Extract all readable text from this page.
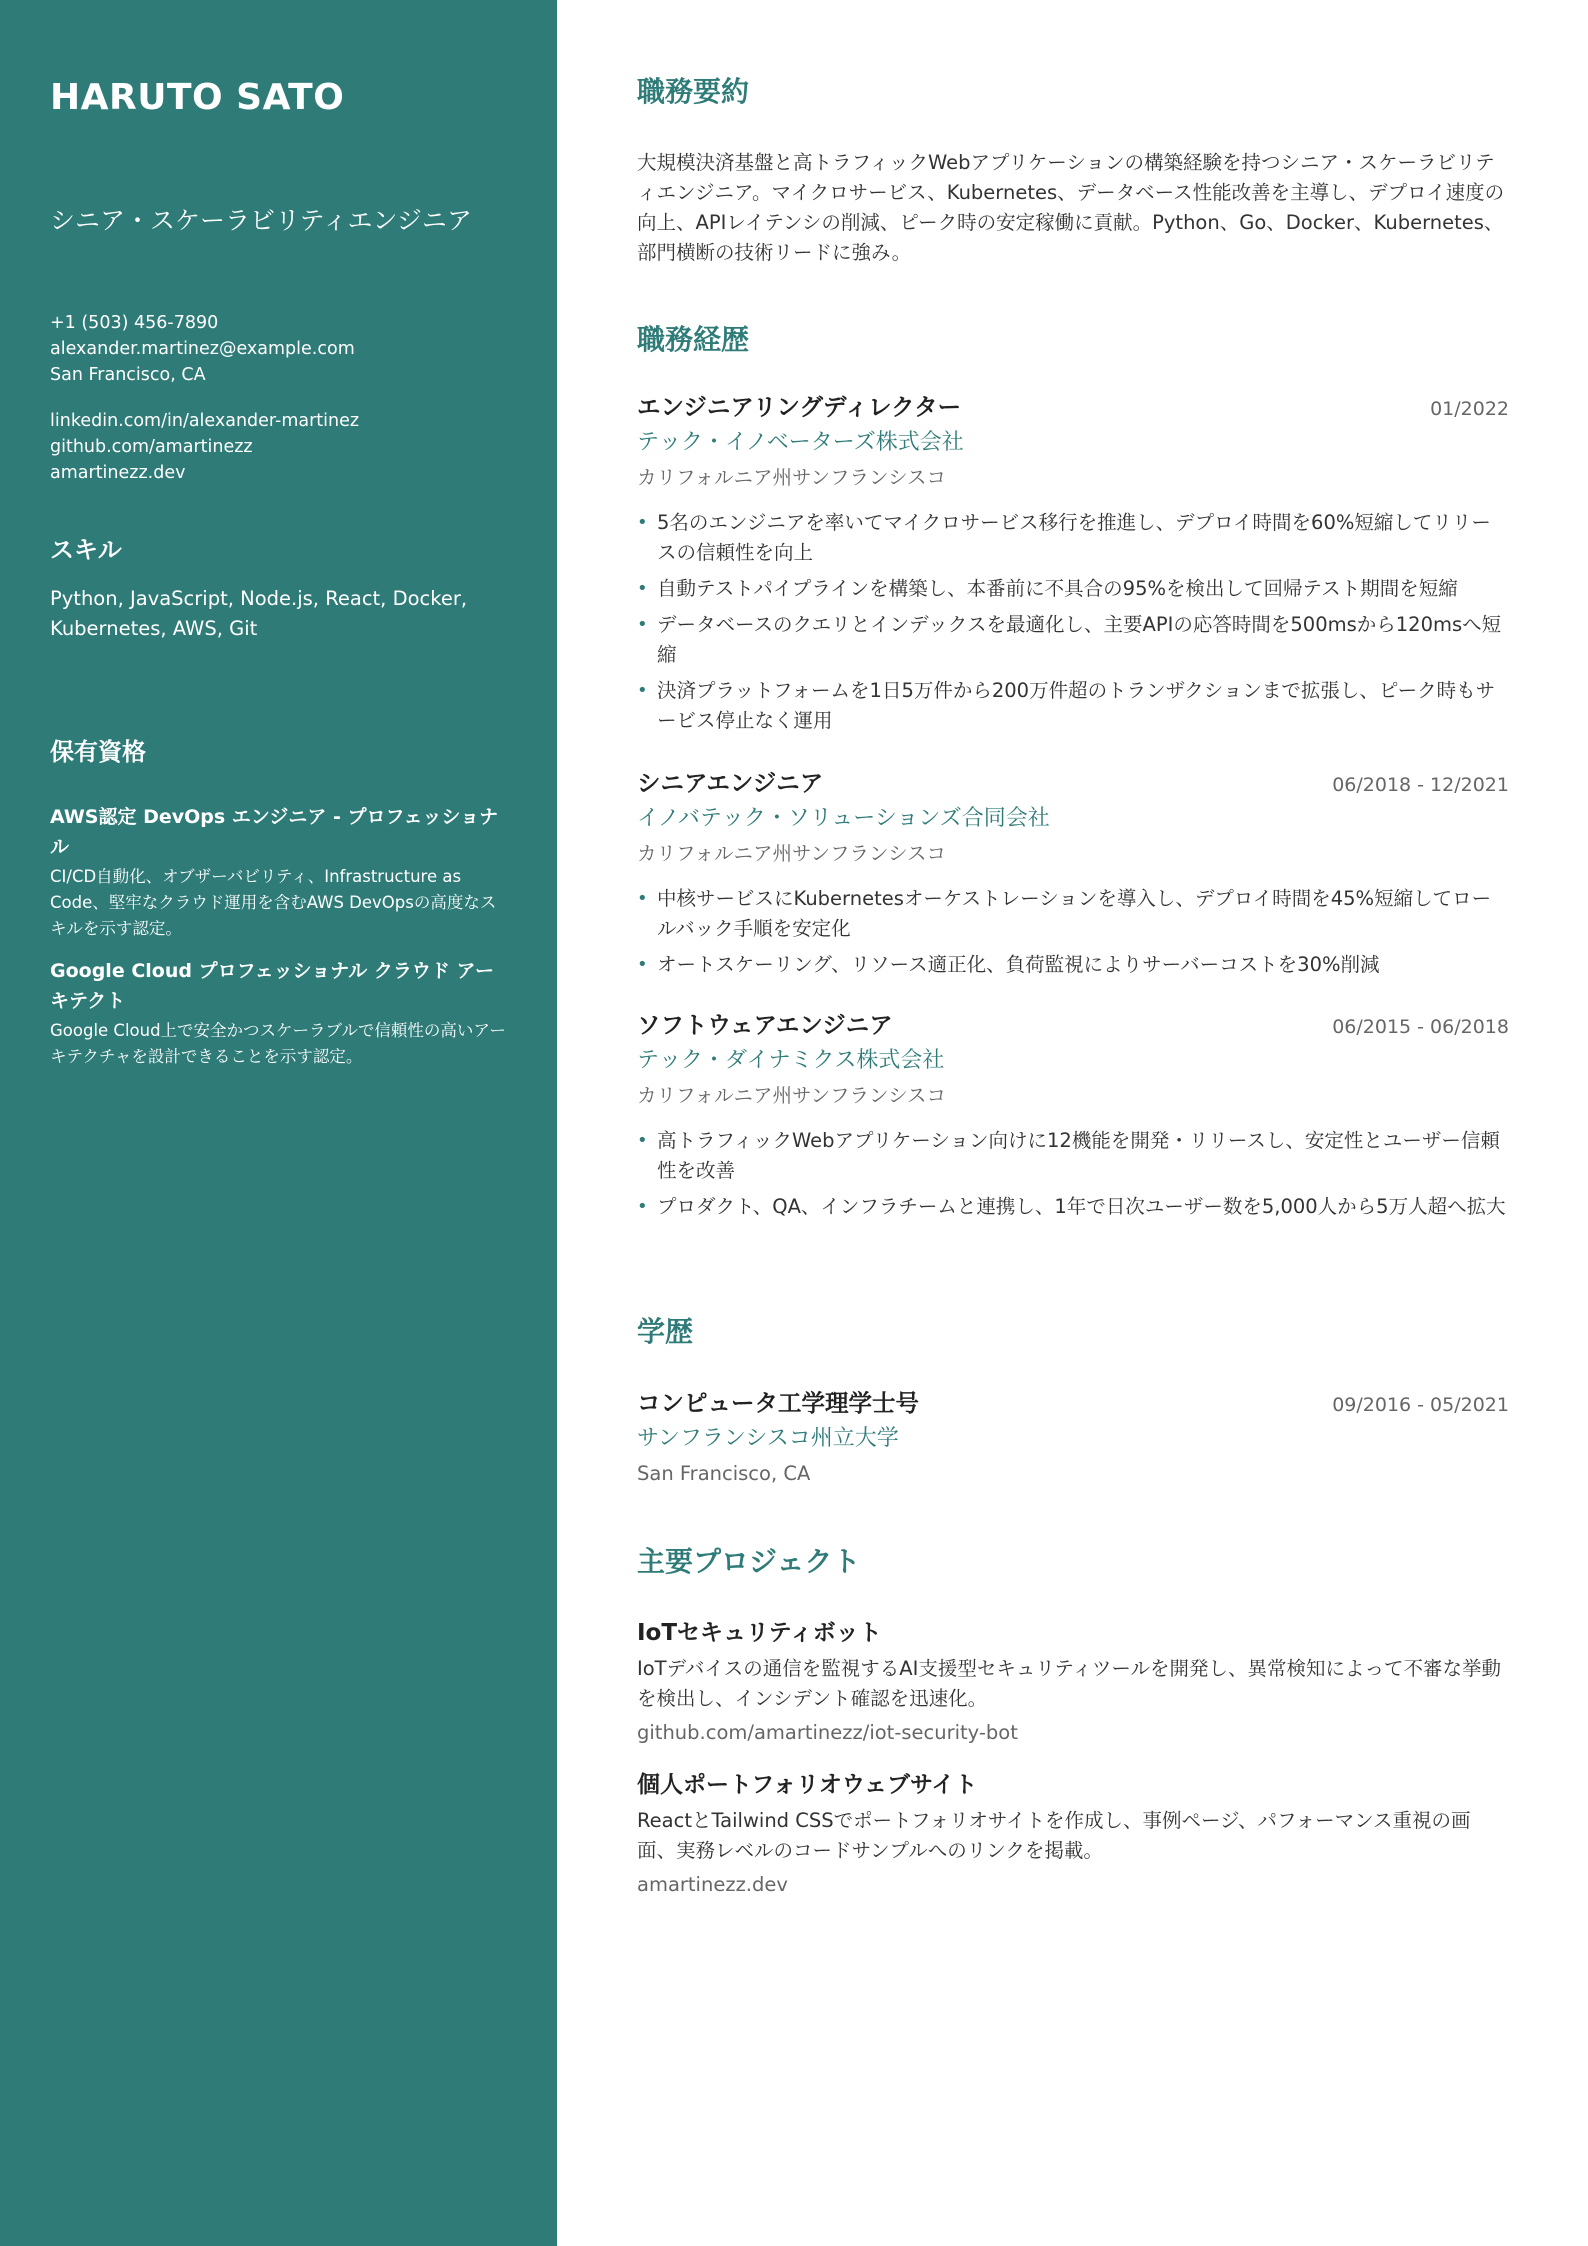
HARUTO SATO
シニア・スケーラビリティエンジニア
+1 (503) 456-7890
alexander.martinez@example.com
San Francisco, CA
linkedin.com/in/alexander-martinez
github.com/amartinezz
amartinezz.dev
スキル
Python, JavaScript, Node.js, React, Docker, Kubernetes, AWS, Git
保有資格
AWS認定 DevOps エンジニア - プロフェッショナル
CI/CD自動化、オブザーバビリティ、Infrastructure as Code、堅牢なクラウド運用を含むAWS DevOpsの高度なスキルを示す認定。
Google Cloud プロフェッショナル クラウド アーキテクト
Google Cloud上で安全かつスケーラブルで信頼性の高いアーキテクチャを設計できることを示す認定。
職務要約
大規模決済基盤と高トラフィックWebアプリケーションの構築経験を持つシニア・スケーラビリティエンジニア。マイクロサービス、Kubernetes、データベース性能改善を主導し、デプロイ速度の向上、APIレイテンシの削減、ピーク時の安定稼働に貢献。Python、Go、Docker、Kubernetes、部門横断の技術リードに強み。
職務経歴
エンジニアリングディレクター	01/2022
テック・イノベーターズ株式会社
カリフォルニア州サンフランシスコ
• 5名のエンジニアを率いてマイクロサービス移行を推進し、デプロイ時間を60%短縮してリリースの信頼性を向上
• 自動テストパイプラインを構築し、本番前に不具合の95%を検出して回帰テスト期間を短縮
• データベースのクエリとインデックスを最適化し、主要APIの応答時間を500msから120msへ短縮
• 決済プラットフォームを1日5万件から200万件超のトランザクションまで拡張し、ピーク時もサービス停止なく運用
シニアエンジニア	06/2018 - 12/2021
イノバテック・ソリューションズ合同会社
カリフォルニア州サンフランシスコ
• 中核サービスにKubernetesオーケストレーションを導入し、デプロイ時間を45%短縮してロールバック手順を安定化
• オートスケーリング、リソース適正化、負荷監視によりサーバーコストを30%削減
ソフトウェアエンジニア	06/2015 - 06/2018
テック・ダイナミクス株式会社
カリフォルニア州サンフランシスコ
• 高トラフィックWebアプリケーション向けに12機能を開発・リリースし、安定性とユーザー信頼性を改善
• プロダクト、QA、インフラチームと連携し、1年で日次ユーザー数を5,000人から5万人超へ拡大
学歴
コンピュータ工学理学士号	09/2016 - 05/2021
サンフランシスコ州立大学
San Francisco, CA
主要プロジェクト
IoTセキュリティボット
IoTデバイスの通信を監視するAI支援型セキュリティツールを開発し、異常検知によって不審な挙動を検出し、インシデント確認を迅速化。
github.com/amartinezz/iot-security-bot
個人ポートフォリオウェブサイト
ReactとTailwind CSSでポートフォリオサイトを作成し、事例ページ、パフォーマンス重視の画面、実務レベルのコードサンプルへのリンクを掲載。
amartinezz.dev
